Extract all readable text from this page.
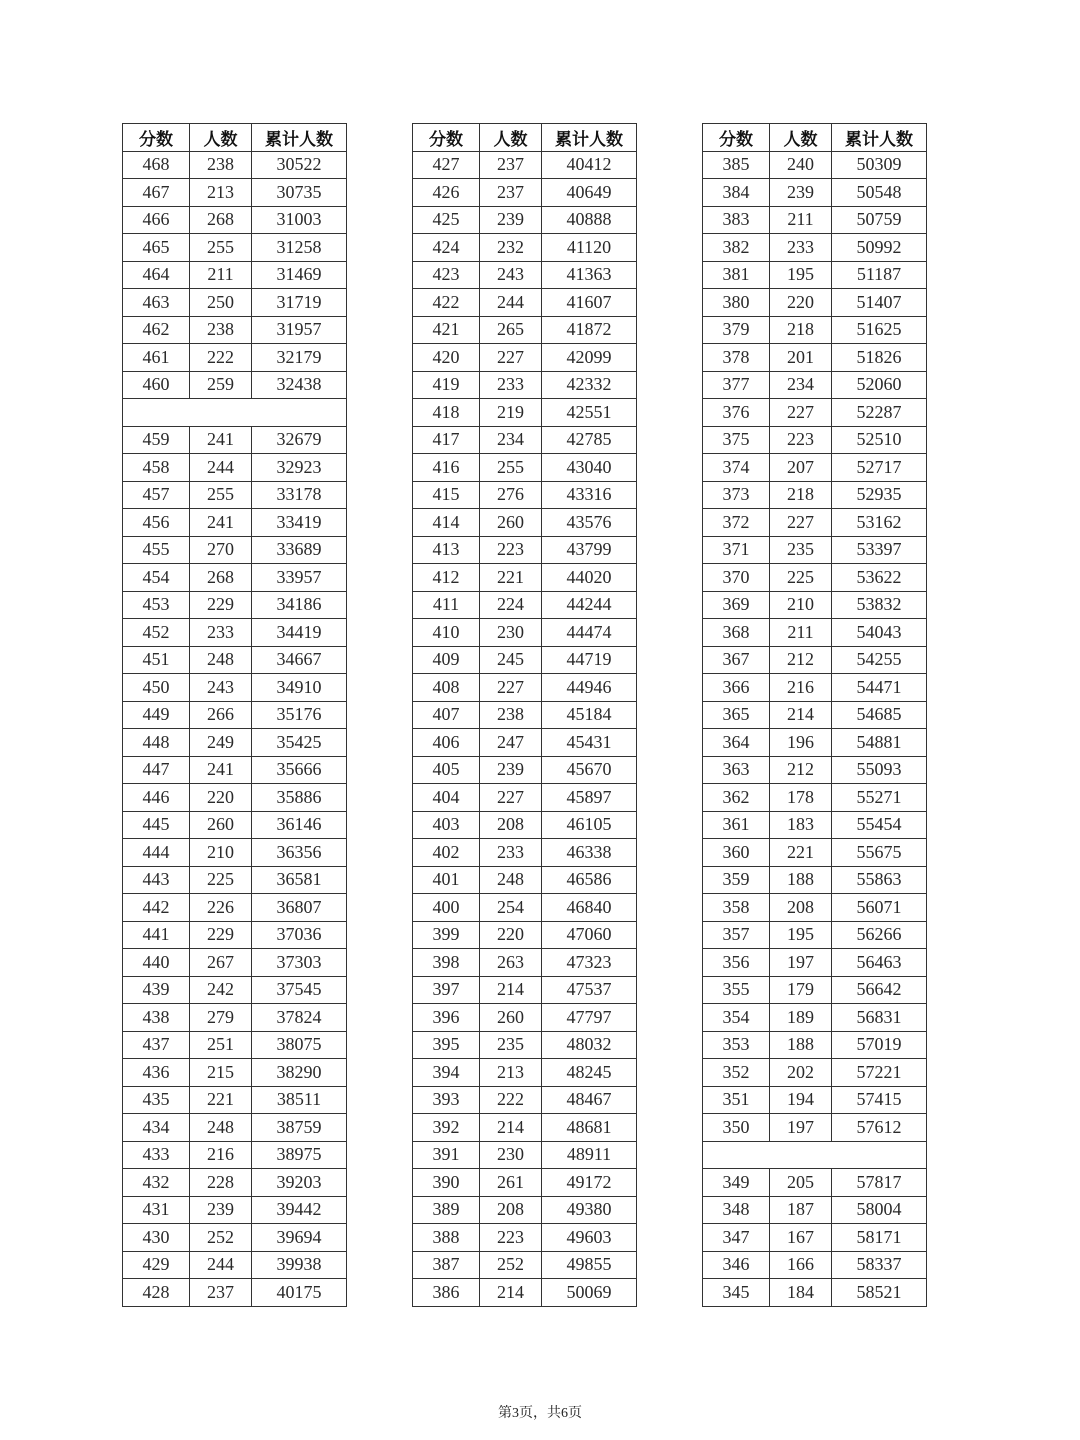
分数	人数	累计人数
468	238	30522
467	213	30735
466	268	31003
465	255	31258
464	211	31469
463	250	31719
462	238	31957
461	222	32179
460	259	32438

459	241	32679
458	244	32923
457	255	33178
456	241	33419
455	270	33689
454	268	33957
453	229	34186
452	233	34419
451	248	34667
450	243	34910
449	266	35176
448	249	35425
447	241	35666
446	220	35886
445	260	36146
444	210	36356
443	225	36581
442	226	36807
441	229	37036
440	267	37303
439	242	37545
438	279	37824
437	251	38075
436	215	38290
435	221	38511
434	248	38759
433	216	38975
432	228	39203
431	239	39442
430	252	39694
429	244	39938
428	237	40175
分数	人数	累计人数
427	237	40412
426	237	40649
425	239	40888
424	232	41120
423	243	41363
422	244	41607
421	265	41872
420	227	42099
419	233	42332
418	219	42551
417	234	42785
416	255	43040
415	276	43316
414	260	43576
413	223	43799
412	221	44020
411	224	44244
410	230	44474
409	245	44719
408	227	44946
407	238	45184
406	247	45431
405	239	45670
404	227	45897
403	208	46105
402	233	46338
401	248	46586
400	254	46840
399	220	47060
398	263	47323
397	214	47537
396	260	47797
395	235	48032
394	213	48245
393	222	48467
392	214	48681
391	230	48911
390	261	49172
389	208	49380
388	223	49603
387	252	49855
386	214	50069
分数	人数	累计人数
385	240	50309
384	239	50548
383	211	50759
382	233	50992
381	195	51187
380	220	51407
379	218	51625
378	201	51826
377	234	52060
376	227	52287
375	223	52510
374	207	52717
373	218	52935
372	227	53162
371	235	53397
370	225	53622
369	210	53832
368	211	54043
367	212	54255
366	216	54471
365	214	54685
364	196	54881
363	212	55093
362	178	55271
361	183	55454
360	221	55675
359	188	55863
358	208	56071
357	195	56266
356	197	56463
355	179	56642
354	189	56831
353	188	57019
352	202	57221
351	194	57415
350	197	57612

349	205	57817
348	187	58004
347	167	58171
346	166	58337
345	184	58521
第3页，共6页
